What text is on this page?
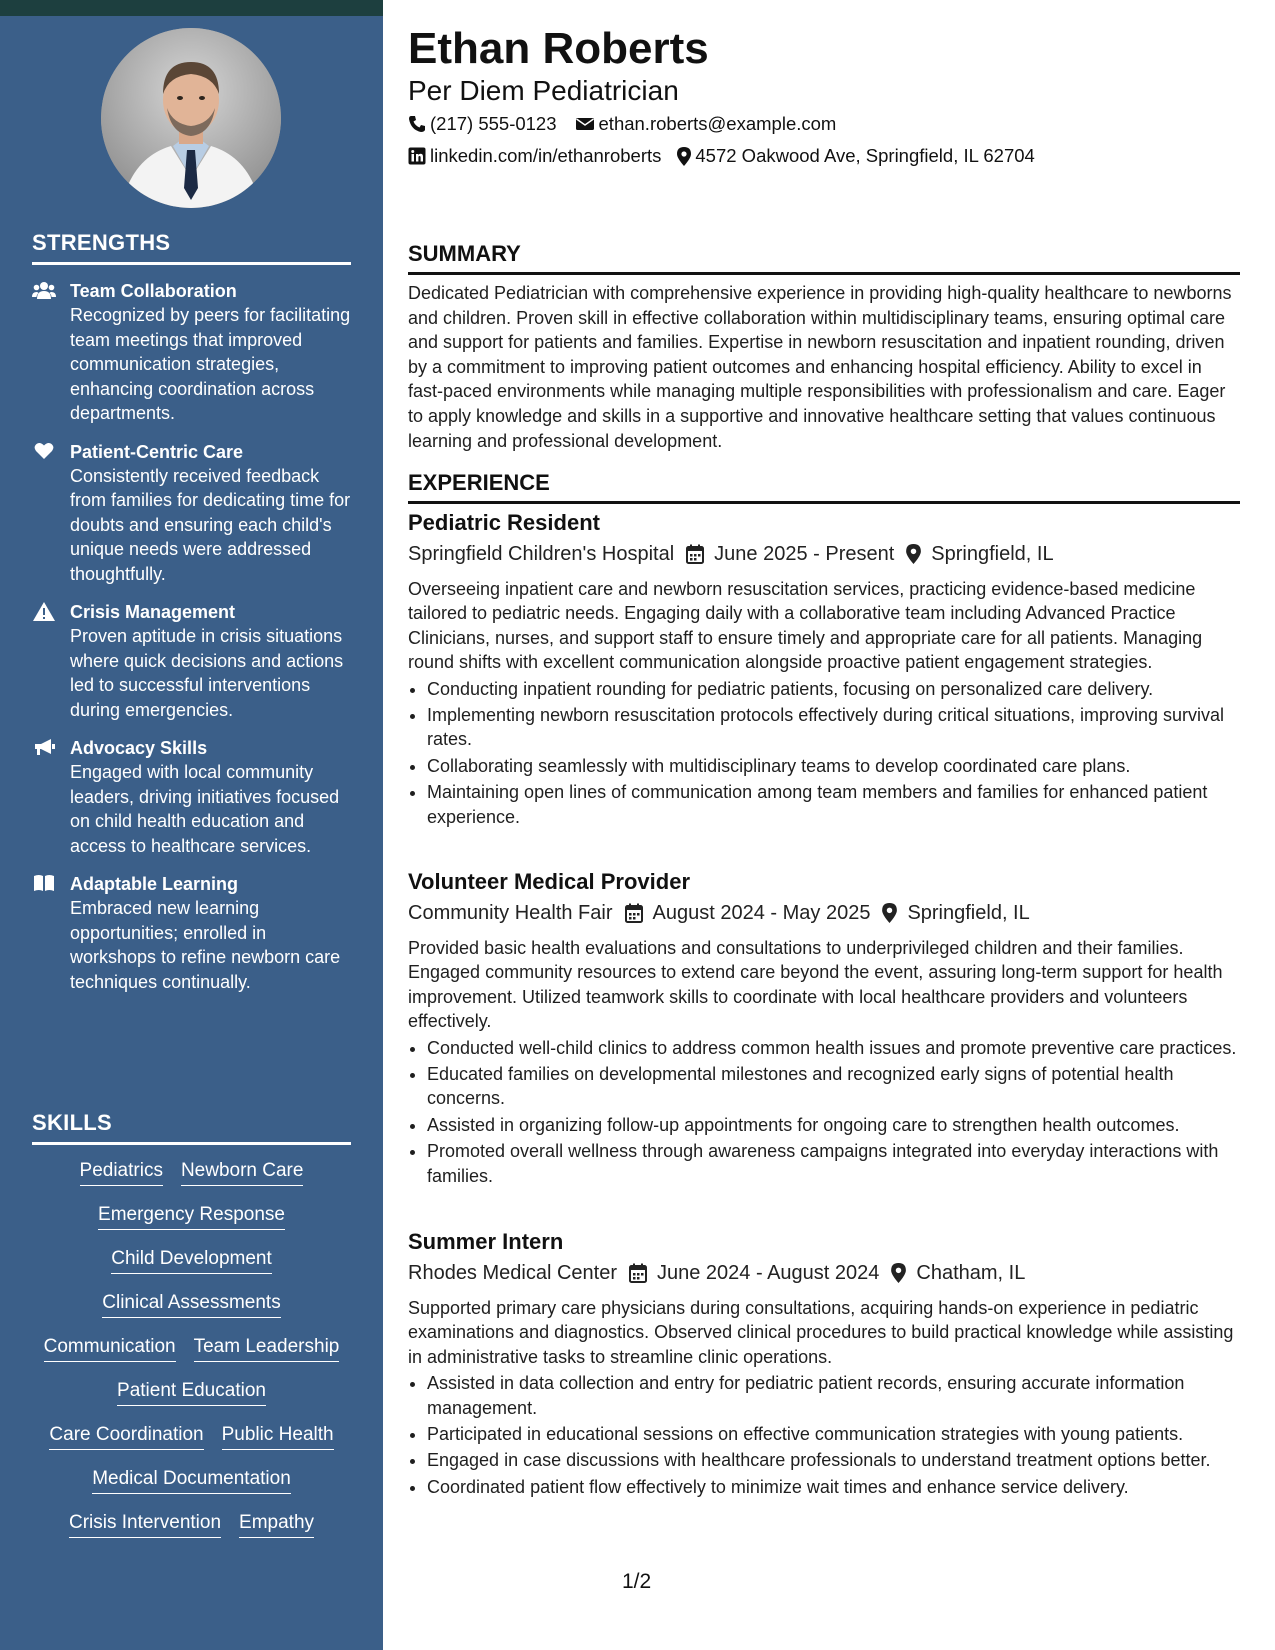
STRENGTHS
Team Collaboration
Recognized by peers for facilitating team meetings that improved communication strategies, enhancing coordination across departments.
Patient-Centric Care
Consistently received feedback from families for dedicating time for doubts and ensuring each child's unique needs were addressed thoughtfully.
Crisis Management
Proven aptitude in crisis situations where quick decisions and actions led to successful interventions during emergencies.
Advocacy Skills
Engaged with local community leaders, driving initiatives focused on child health education and access to healthcare services.
Adaptable Learning
Embraced new learning opportunities; enrolled in workshops to refine newborn care techniques continually.
SKILLS
Pediatrics Newborn Care
Emergency Response
Child Development
Clinical Assessments
Communication Team Leadership
Patient Education
Care Coordination Public Health
Medical Documentation
Crisis Intervention Empathy
Ethan Roberts
Per Diem Pediatrician
(217) 555-0123 ethan.roberts@example.com
linkedin.com/in/ethanroberts 4572 Oakwood Ave, Springfield, IL 62704
SUMMARY
Dedicated Pediatrician with comprehensive experience in providing high-quality healthcare to newborns and children. Proven skill in effective collaboration within multidisciplinary teams, ensuring optimal care and support for patients and families. Expertise in newborn resuscitation and inpatient rounding, driven by a commitment to improving patient outcomes and enhancing hospital efficiency. Ability to excel in fast-paced environments while managing multiple responsibilities with professionalism and care. Eager to apply knowledge and skills in a supportive and innovative healthcare setting that values continuous learning and professional development.
EXPERIENCE
Pediatric Resident
Springfield Children's Hospital June 2025 - Present Springfield, IL
Overseeing inpatient care and newborn resuscitation services, practicing evidence-based medicine tailored to pediatric needs. Engaging daily with a collaborative team including Advanced Practice Clinicians, nurses, and support staff to ensure timely and appropriate care for all patients. Managing round shifts with excellent communication alongside proactive patient engagement strategies.
• Conducting inpatient rounding for pediatric patients, focusing on personalized care delivery.
• Implementing newborn resuscitation protocols effectively during critical situations, improving survival rates.
• Collaborating seamlessly with multidisciplinary teams to develop coordinated care plans.
• Maintaining open lines of communication among team members and families for enhanced patient experience.
Volunteer Medical Provider
Community Health Fair August 2024 - May 2025 Springfield, IL
Provided basic health evaluations and consultations to underprivileged children and their families. Engaged community resources to extend care beyond the event, assuring long-term support for health improvement. Utilized teamwork skills to coordinate with local healthcare providers and volunteers effectively.
• Conducted well-child clinics to address common health issues and promote preventive care practices.
• Educated families on developmental milestones and recognized early signs of potential health concerns.
• Assisted in organizing follow-up appointments for ongoing care to strengthen health outcomes.
• Promoted overall wellness through awareness campaigns integrated into everyday interactions with families.
Summer Intern
Rhodes Medical Center June 2024 - August 2024 Chatham, IL
Supported primary care physicians during consultations, acquiring hands-on experience in pediatric examinations and diagnostics. Observed clinical procedures to build practical knowledge while assisting in administrative tasks to streamline clinic operations.
• Assisted in data collection and entry for pediatric patient records, ensuring accurate information management.
• Participated in educational sessions on effective communication strategies with young patients.
• Engaged in case discussions with healthcare professionals to understand treatment options better.
• Coordinated patient flow effectively to minimize wait times and enhance service delivery.
1/2
